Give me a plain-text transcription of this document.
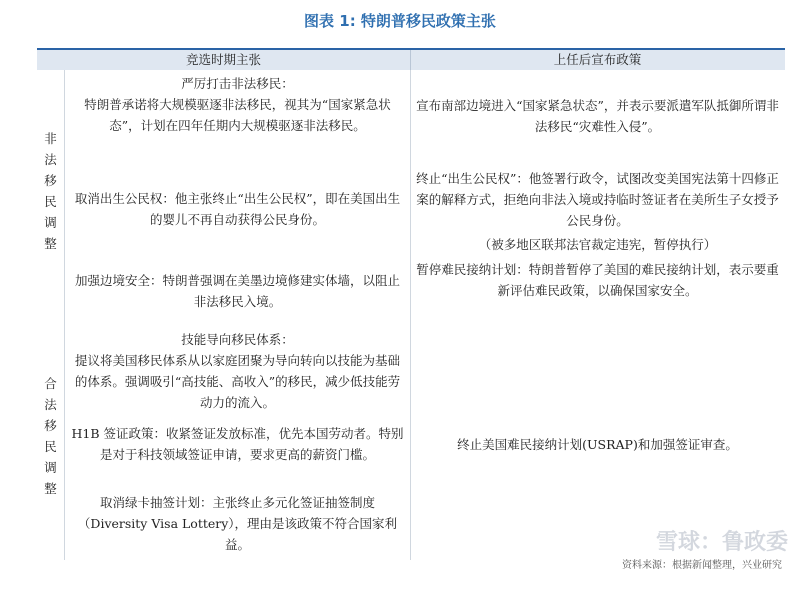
图表 1: 特朗普移民政策主张
竞选时期主张	上任后宣布政策
非
法
移
民
调
整

严厉打击非法移民：

特朗普承诺将大规模驱逐非法移民，视其为“国家紧急状态”，计划在四年任期内大规模驱逐非法移民。

取消出生公民权：他主张终止“出生公民权”，即在美国出生的婴儿不再自动获得公民身份。

加强边境安全：特朗普强调在美墨边境修建实体墙，以阻止非法移民入境。

宣布南部边境进入“国家紧急状态”，并表示要派遣军队抵御所谓非法移民“灾难性入侵”。

终止“出生公民权”：他签署行政令，试图改变美国宪法第十四修正案的解释方式，拒绝向非法入境或持临时签证者在美所生子女授予公民身份。

（被多地区联邦法官裁定违宪，暂停执行）

暂停难民接纳计划：特朗普暂停了美国的难民接纳计划，表示要重新评估难民政策，以确保国家安全。

合
法
移
民
调
整

技能导向移民体系：

提议将美国移民体系从以家庭团聚为导向转向以技能为基础的体系。强调吸引“高技能、高收入”的移民，减少低技能劳动力的流入。

H1B 签证政策：收紧签证发放标准，优先本国劳动者。特别是对于科技领域签证申请，要求更高的薪资门槛。

取消绿卡抽签计划：主张终止多元化签证抽签制度（Diversity Visa Lottery），理由是该政策不符合国家利益。

终止美国难民接纳计划(USRAP)和加强签证审查。

雪球：鲁政委
资料来源：根据新闻整理，兴业研究
